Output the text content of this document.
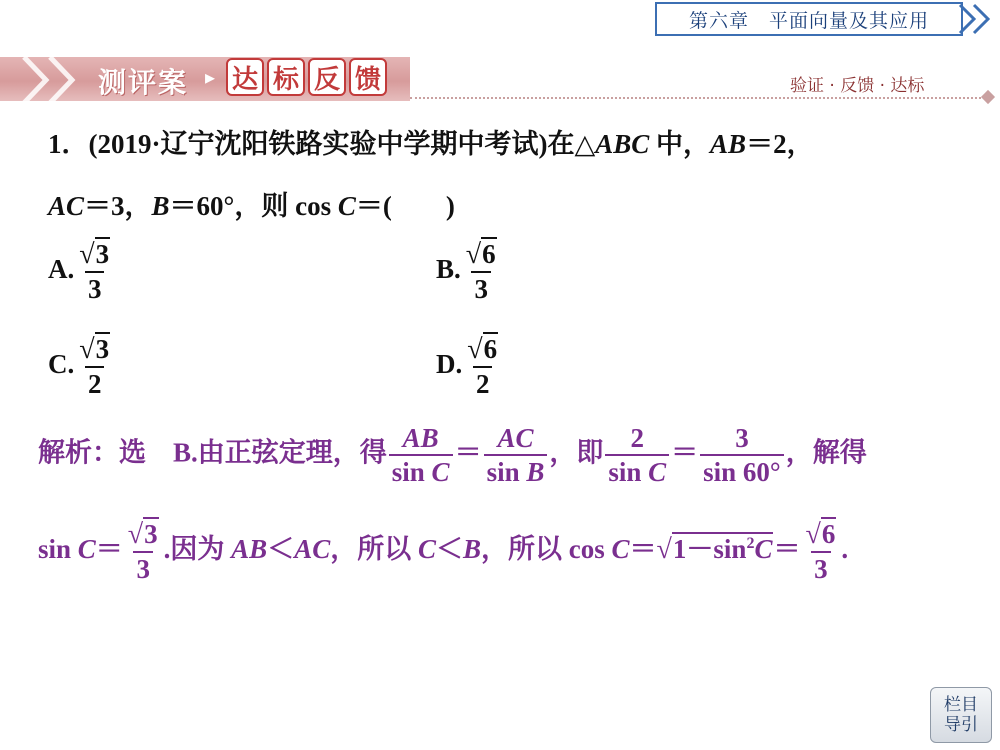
第六章　平面向量及其应用
测评案 ▸ 达 标 反 馈	验证 · 反馈 · 达标
1．(2019·辽宁沈阳铁路实验中学期中考试)在△ABC 中，AB＝2，
AC＝3，B＝60°，则 cos C＝(　　)
A. $\frac{√3}{3}$	B. $\frac{√6}{3}$
C. $\frac{√3}{2}$	D. $\frac{√6}{2}$
解析：选　B.由正弦定理，得 $\frac{AB}{\text{sin C}} = \frac{AC}{\text{sin B}}$ ，即 $\frac{2}{\text{sin C}} = \frac{3}{\sin 60^\circ}$ ，解得
$\sin C= \frac{√3}{3}$ .因为 AB＜AC，所以 C＜B，所以 $\cos C=√1-\sin^2C= \frac{√6}{3}$ .
栏目
导引
